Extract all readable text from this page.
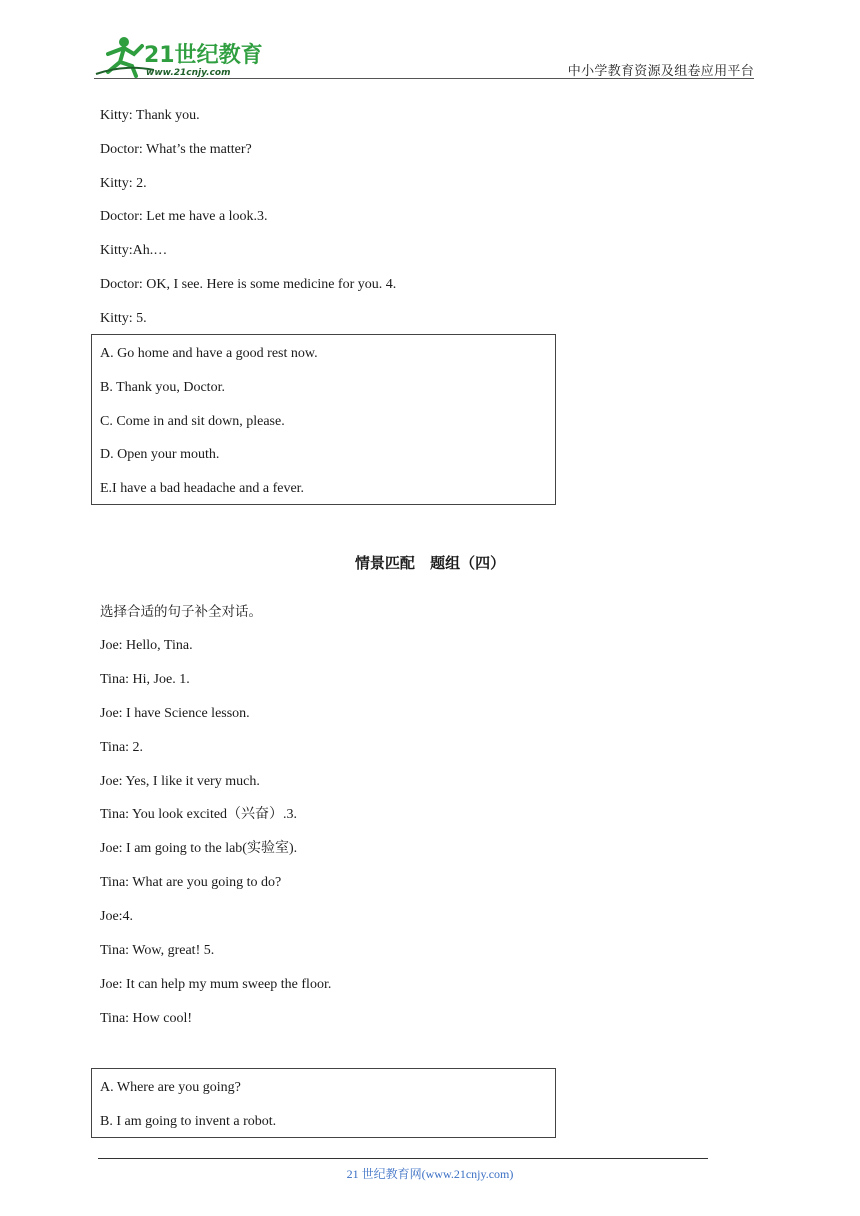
21世纪教育
www.21cnjy.com	中小学教育资源及组卷应用平台
Kitty: Thank you.
Doctor: What’s the matter?
Kitty: 2.
Doctor: Let me have a look.3.
Kitty:Ah.…
Doctor: OK, I see. Here is some medicine for you. 4.
Kitty: 5.
A. Go home and have a good rest now.
B. Thank you, Doctor.
C. Come in and sit down, please.
D. Open your mouth.
E.I have a bad headache and a fever.
情景匹配 题组（四）
选择合适的句子补全对话。
Joe: Hello, Tina.
Tina: Hi, Joe. 1.
Joe: I have Science lesson.
Tina: 2.
Joe: Yes, I like it very much.
Tina: You look excited（兴奋）.3.
Joe: I am going to the lab(实验室).
Tina: What are you going to do?
Joe:4.
Tina: Wow, great! 5.
Joe: It can help my mum sweep the floor.
Tina: How cool!
A. Where are you going?
B. I am going to invent a robot.
21 世纪教育网(www.21cnjy.com)
